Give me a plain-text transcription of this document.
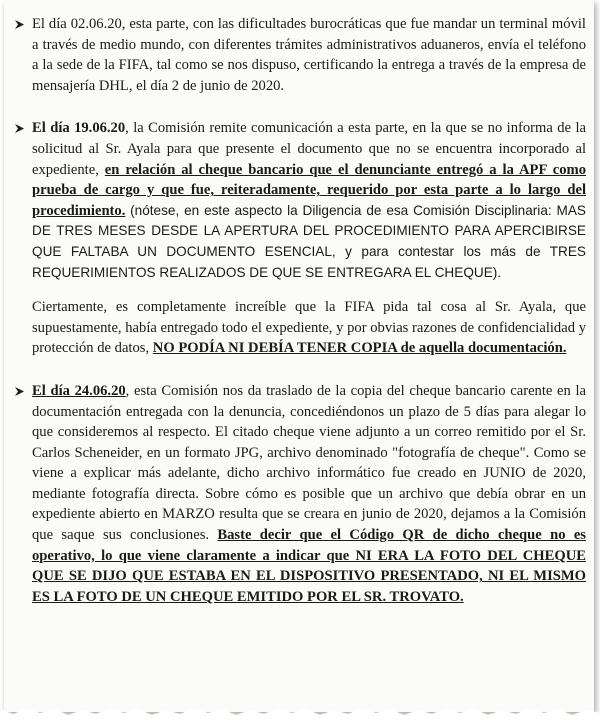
El día 02.06.20, esta parte, con las dificultades burocráticas que fue mandar un terminal móvil a través de medio mundo, con diferentes trámites administrativos aduaneros, envía el teléfono a la sede de la FIFA, tal como se nos dispuso, certificando la entrega a través de la empresa de mensajería DHL, el día 2 de junio de 2020.
El día 19.06.20, la Comisión remite comunicación a esta parte, en la que se no informa de la solicitud al Sr. Ayala para que presente el documento que no se encuentra incorporado al expediente, en relación al cheque bancario que el denunciante entregó a la APF como prueba de cargo y que fue, reiteradamente, requerido por esta parte a lo largo del procedimiento. (nótese, en este aspecto la Diligencia de esa Comisión Disciplinaria: MAS DE TRES MESES DESDE LA APERTURA DEL PROCEDIMIENTO PARA APERCIBIRSE QUE FALTABA UN DOCUMENTO ESENCIAL, y para contestar los más de TRES REQUERIMIENTOS REALIZADOS DE QUE SE ENTREGARA EL CHEQUE).
Ciertamente, es completamente increíble que la FIFA pida tal cosa al Sr. Ayala, que supuestamente, había entregado todo el expediente, y por obvias razones de confidencialidad y protección de datos, NO PODÍA NI DEBÍA TENER COPIA de aquella documentación.
El día 24.06.20, esta Comisión nos da traslado de la copia del cheque bancario carente en la documentación entregada con la denuncia, concediéndonos un plazo de 5 días para alegar lo que consideremos al respecto. El citado cheque viene adjunto a un correo remitido por el Sr. Carlos Scheneider, en un formato JPG, archivo denominado "fotografía de cheque". Como se viene a explicar más adelante, dicho archivo informático fue creado en JUNIO de 2020, mediante fotografía directa. Sobre cómo es posible que un archivo que debía obrar en un expediente abierto en MARZO resulta que se creara en junio de 2020, dejamos a la Comisión que saque sus conclusiones. Baste decir que el Código QR de dicho cheque no es operativo, lo que viene claramente a indicar que NI ERA LA FOTO DEL CHEQUE QUE SE DIJO QUE ESTABA EN EL DISPOSITIVO PRESENTADO, NI EL MISMO ES LA FOTO DE UN CHEQUE EMITIDO POR EL SR. TROVATO.
